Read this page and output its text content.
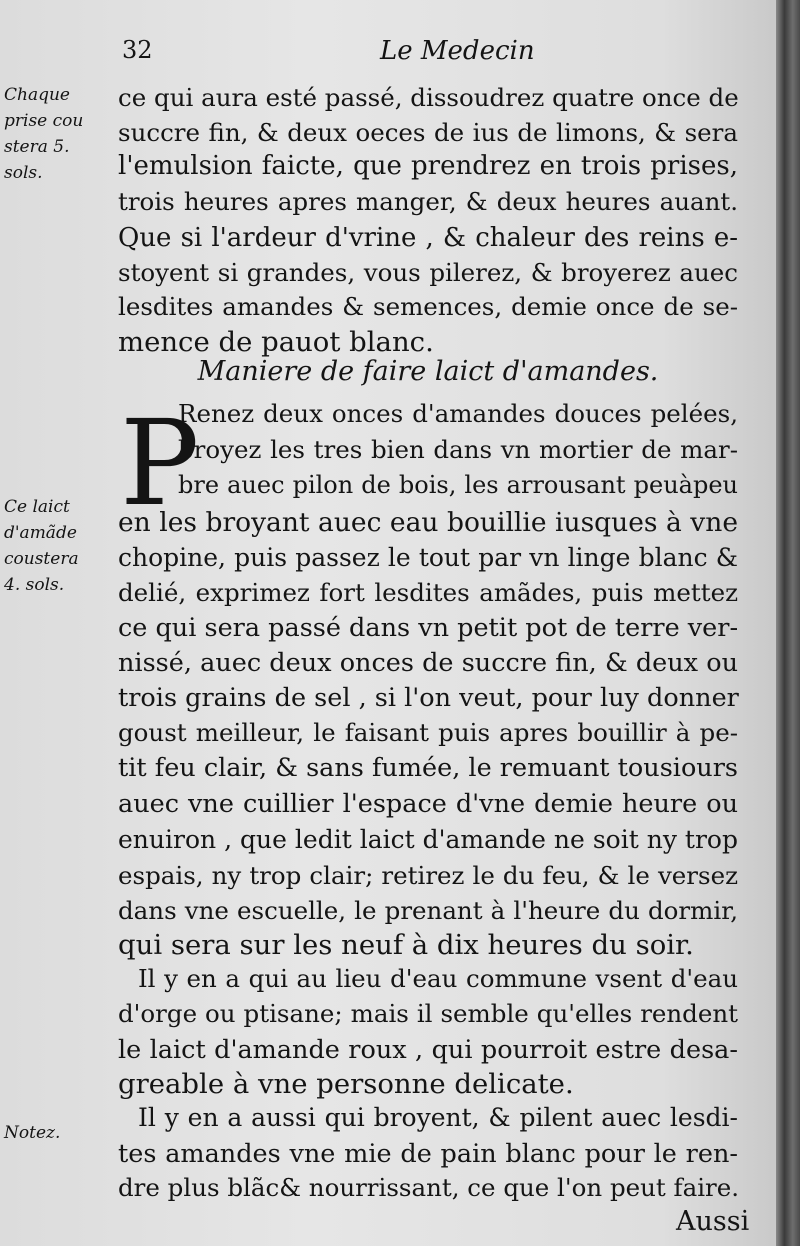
32	Le Medecin
Chaque
prise cou
stera 5.
sols.
ce qui aura esté passé, dissoudrez quatre once de
succre fin, & deux oeces de ius de limons, & sera
l'emulsion faicte, que prendrez en trois prises,
trois heures apres manger, & deux heures auant.
Que si l'ardeur d'vrine , & chaleur des reins e-
stoyent si grandes, vous pilerez, & broyerez auec
lesdites amandes & semences, demie once de se-
mence de pauot blanc.
Maniere de faire laict d'amandes.
P
Renez deux onces d'amandes douces pelées,
broyez les tres bien dans vn mortier de mar-
bre auec pilon de bois, les arrousant peuàpeu
Ce laict
d'amãde
coustera
4. sols.
en les broyant auec eau bouillie iusques à vne
chopine, puis passez le tout par vn linge blanc &
delié, exprimez fort lesdites amãdes, puis mettez
ce qui sera passé dans vn petit pot de terre ver-
nissé, auec deux onces de succre fin, & deux ou
trois grains de sel , si l'on veut, pour luy donner
goust meilleur, le faisant puis apres bouillir à pe-
tit feu clair, & sans fumée, le remuant tousiours
auec vne cuillier l'espace d'vne demie heure ou
enuiron , que ledit laict d'amande ne soit ny trop
espais, ny trop clair; retirez le du feu, & le versez
dans vne escuelle, le prenant à l'heure du dormir,
qui sera sur les neuf à dix heures du soir.
Il y en a qui au lieu d'eau commune vsent d'eau
d'orge ou ptisane; mais il semble qu'elles rendent
le laict d'amande roux , qui pourroit estre desa-
greable à vne personne delicate.
Notez.
Il y en a aussi qui broyent, & pilent auec lesdi-
tes amandes vne mie de pain blanc pour le ren-
dre plus blãc& nourrissant, ce que l'on peut faire.
Aussi
